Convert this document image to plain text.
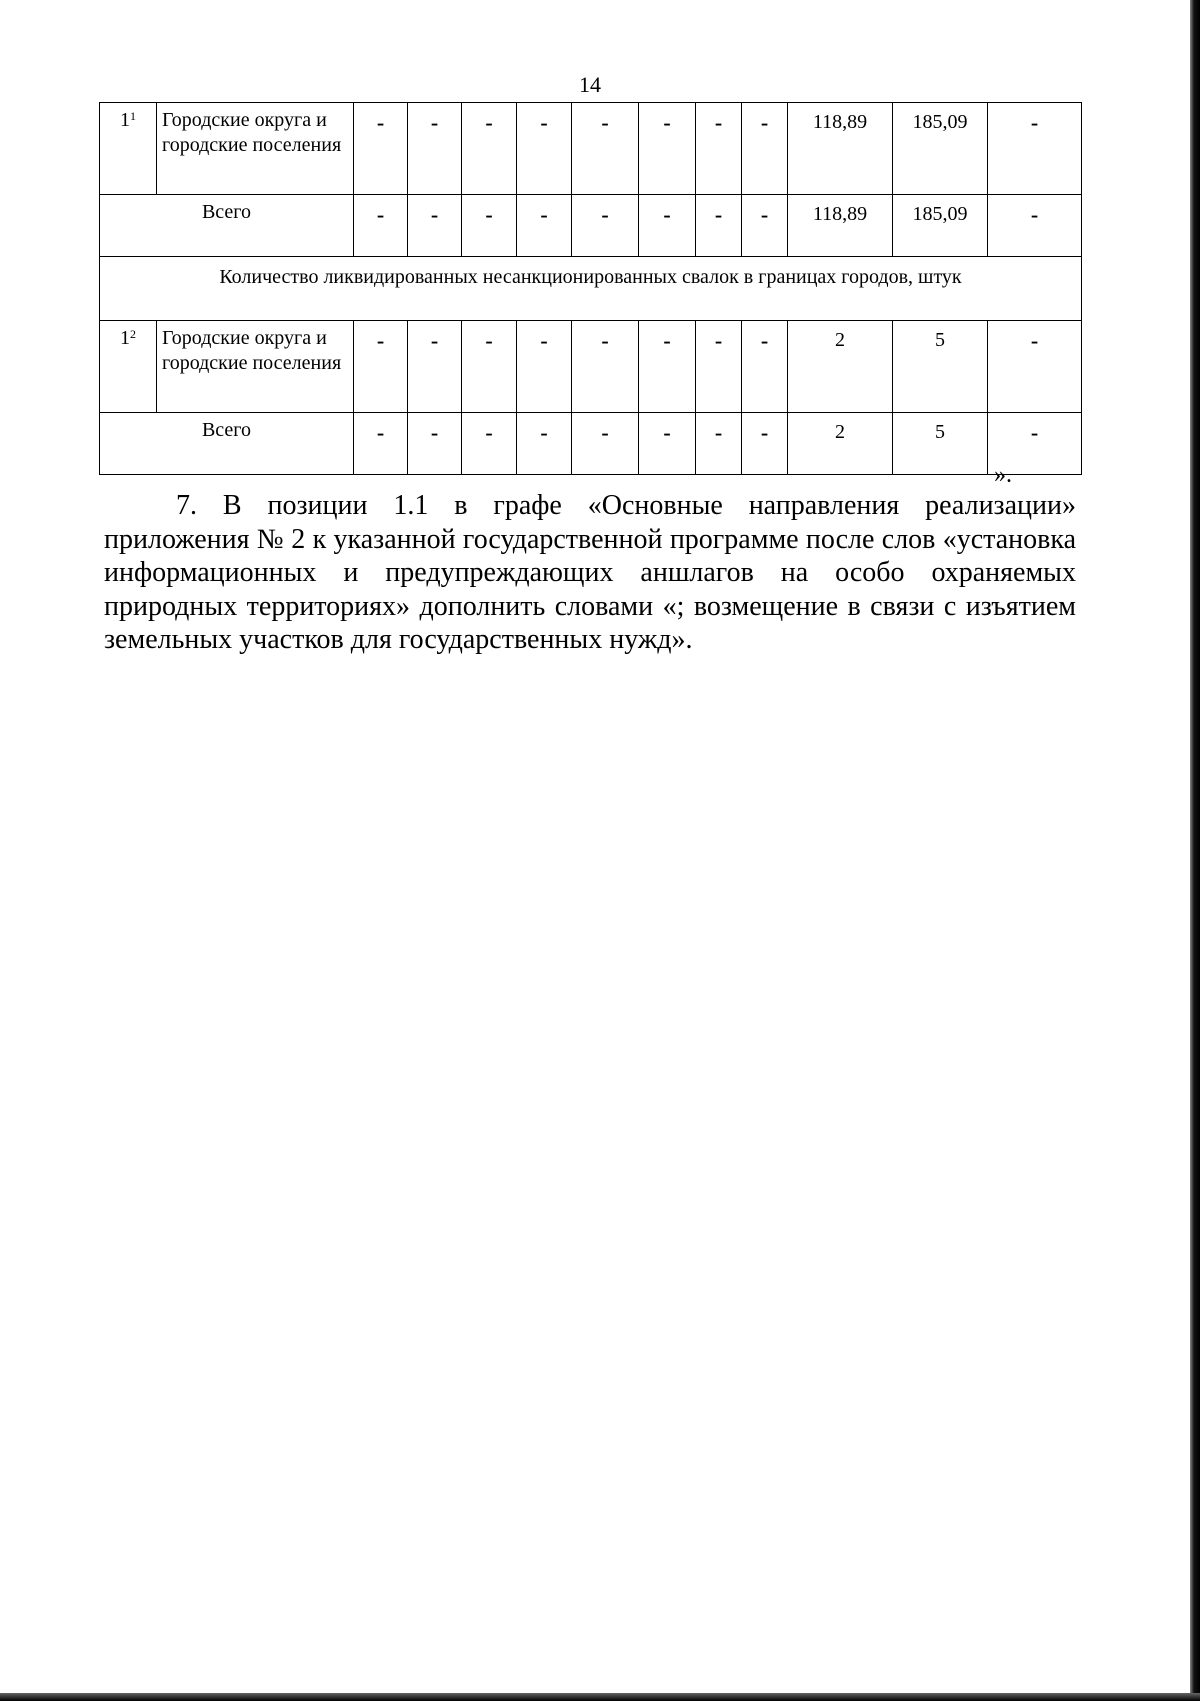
14
$1^1$	Городские округа и городские поселения	-	-	-	-	-	-	-	-	118,89	185,09	-
Всего		-	-	-	-	-	-	-	-	118,89	185,09	-
Количество ликвидированных несанкционированных свалок в границах городов, штук												
$1^2$	Городские округа и городские поселения	-	-	-	-	-	-	-	-	2	5	-
Всего		-	-	-	-	-	-	-	-	2	5	-
».
7. В позиции 1.1 в графе «Основные направления реализации» приложения № 2 к указанной государственной программе после слов «установка информационных и предупреждающих аншлагов на особо охраняемых природных территориях» дополнить словами «; возмещение в связи с изъятием земельных участков для государственных нужд».
